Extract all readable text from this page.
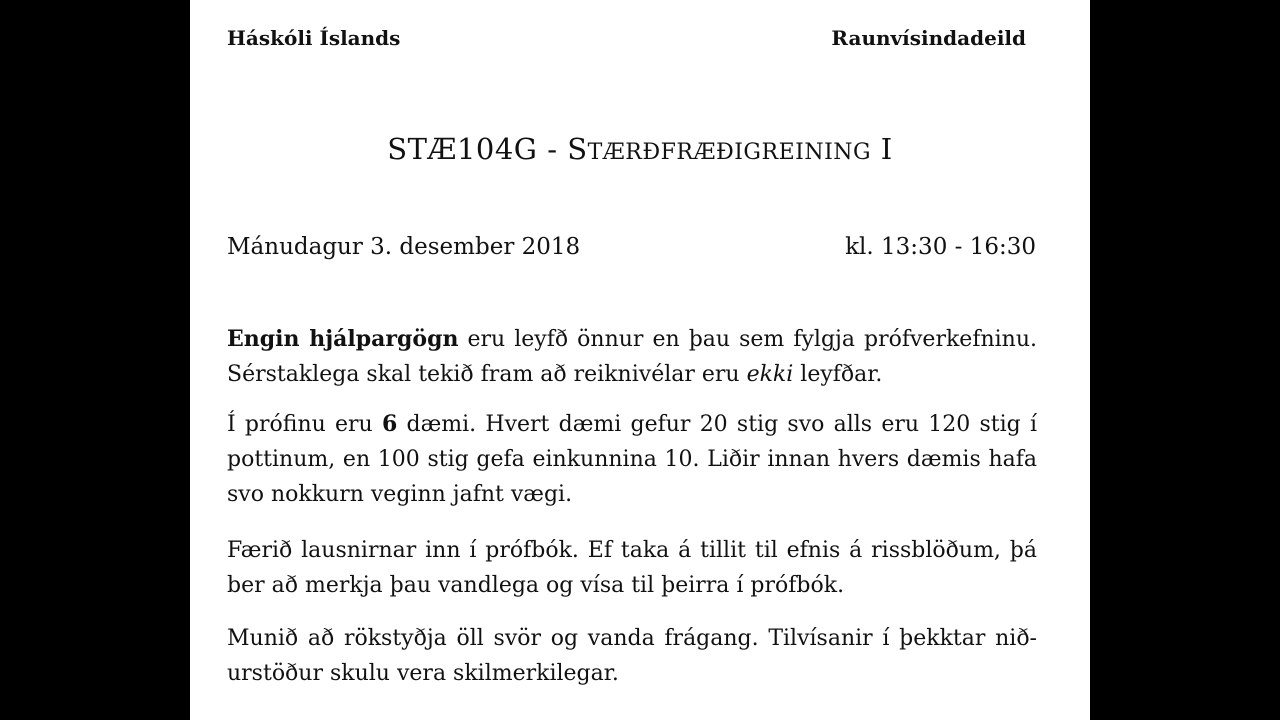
Háskóli Íslands	Raunvísindadeild
STÆ104G - STÆRÐFRÆÐIGREINING I
Mánudagur 3. desember 2018	kl. 13:30 - 16:30
Engin hjálpargögn eru leyfð önnur en þau sem fylgja prófverkefninu.
Sérstaklega skal tekið fram að reiknivélar eru ekki leyfðar.
Í prófinu eru 6 dæmi. Hvert dæmi gefur 20 stig svo alls eru 120 stig í
pottinum, en 100 stig gefa einkunnina 10. Liðir innan hvers dæmis hafa
svo nokkurn veginn jafnt vægi.
Færið lausnirnar inn í prófbók. Ef taka á tillit til efnis á rissblöðum, þá
ber að merkja þau vandlega og vísa til þeirra í prófbók.
Munið að rökstyðja öll svör og vanda frágang. Tilvísanir í þekktar nið-
urstöður skulu vera skilmerkilegar.
